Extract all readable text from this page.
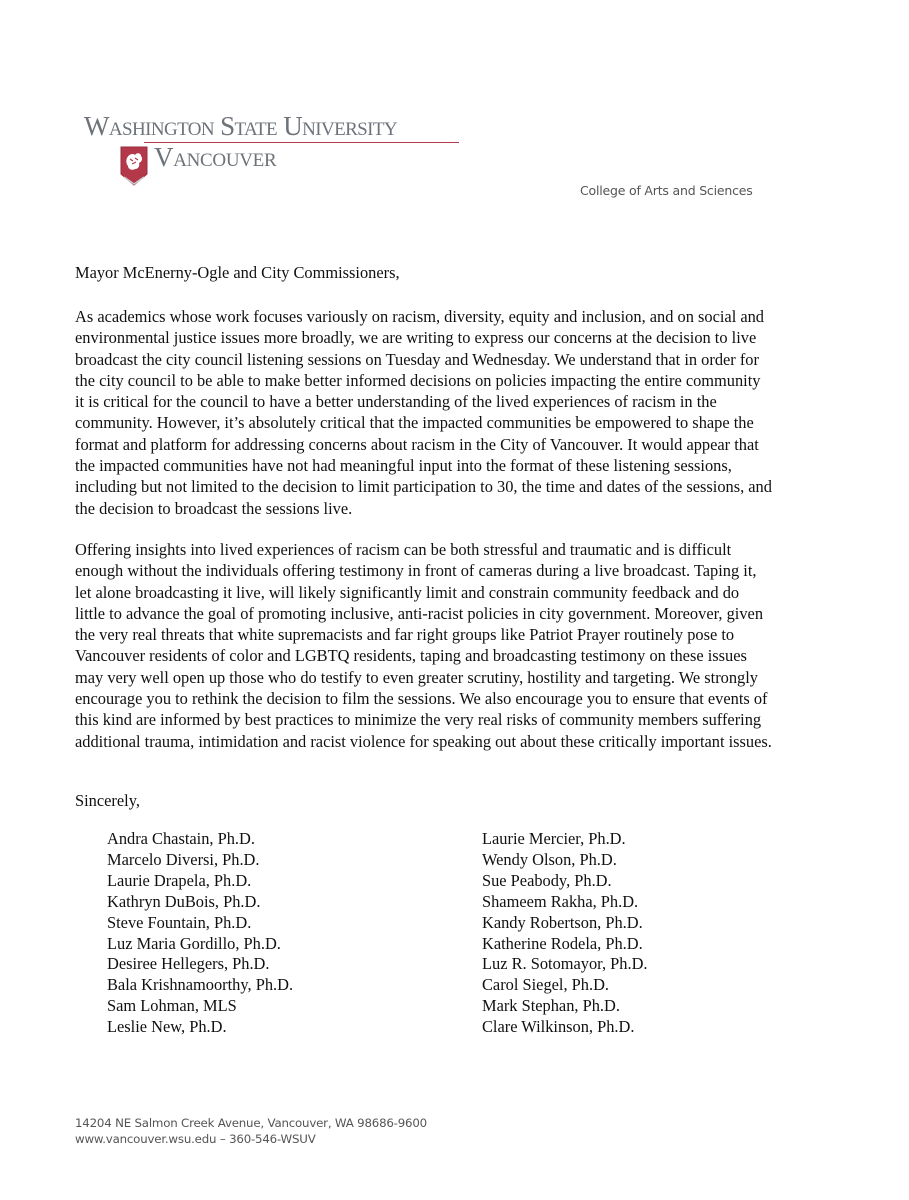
Washington State University
Vancouver
College of Arts and Sciences
Mayor McEnerny-Ogle and City Commissioners,
As academics whose work focuses variously on racism, diversity, equity and inclusion, and on social and
environmental justice issues more broadly, we are writing to express our concerns at the decision to live
broadcast the city council listening sessions on Tuesday and Wednesday. We understand that in order for
the city council to be able to make better informed decisions on policies impacting the entire community
it is critical for the council to have a better understanding of the lived experiences of racism in the
community. However, it’s absolutely critical that the impacted communities be empowered to shape the
format and platform for addressing concerns about racism in the City of Vancouver. It would appear that
the impacted communities have not had meaningful input into the format of these listening sessions,
including but not limited to the decision to limit participation to 30, the time and dates of the sessions, and
the decision to broadcast the sessions live.
Offering insights into lived experiences of racism can be both stressful and traumatic and is difficult
enough without the individuals offering testimony in front of cameras during a live broadcast. Taping it,
let alone broadcasting it live, will likely significantly limit and constrain community feedback and do
little to advance the goal of promoting inclusive, anti-racist policies in city government. Moreover, given
the very real threats that white supremacists and far right groups like Patriot Prayer routinely pose to
Vancouver residents of color and LGBTQ residents, taping and broadcasting testimony on these issues
may very well open up those who do testify to even greater scrutiny, hostility and targeting. We strongly
encourage you to rethink the decision to film the sessions. We also encourage you to ensure that events of
this kind are informed by best practices to minimize the very real risks of community members suffering
additional trauma, intimidation and racist violence for speaking out about these critically important issues.
Sincerely,
Andra Chastain, Ph.D.
Marcelo Diversi, Ph.D.
Laurie Drapela, Ph.D.
Kathryn DuBois, Ph.D.
Steve Fountain, Ph.D.
Luz Maria Gordillo, Ph.D.
Desiree Hellegers, Ph.D.
Bala Krishnamoorthy, Ph.D.
Sam Lohman, MLS
Leslie New, Ph.D.
Laurie Mercier, Ph.D.
Wendy Olson, Ph.D.
Sue Peabody, Ph.D.
Shameem Rakha, Ph.D.
Kandy Robertson, Ph.D.
Katherine Rodela, Ph.D.
Luz R. Sotomayor, Ph.D.
Carol Siegel, Ph.D.
Mark Stephan, Ph.D.
Clare Wilkinson, Ph.D.
14204 NE Salmon Creek Avenue, Vancouver, WA 98686-9600
www.vancouver.wsu.edu – 360-546-WSUV
